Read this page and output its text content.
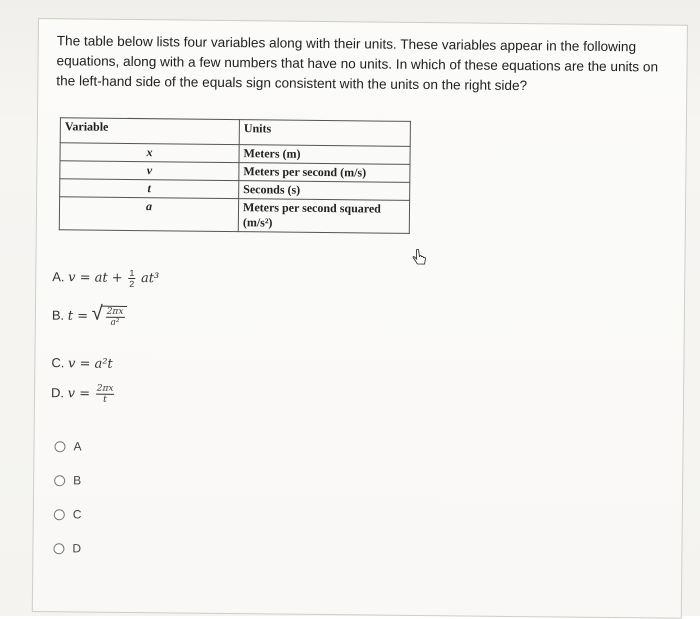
The table below lists four variables along with their units. These variables appear in the following equations, along with a few numbers that have no units. In which of these equations are the units on the left-hand side of the equals sign consistent with the units on the right side?
Variable	Units
x	Meters (m)
v	Meters per second (m/s)
t	Seconds (s)
a	Meters per second squared (m/s²)
A. v = at + $\frac{1}{2} at^3$
B. t = √ $\frac{2\pi x}{\text{a²}}$
C. v = a²t
D. $v = \frac{2\pi x}{t}$
A
B
C
D
